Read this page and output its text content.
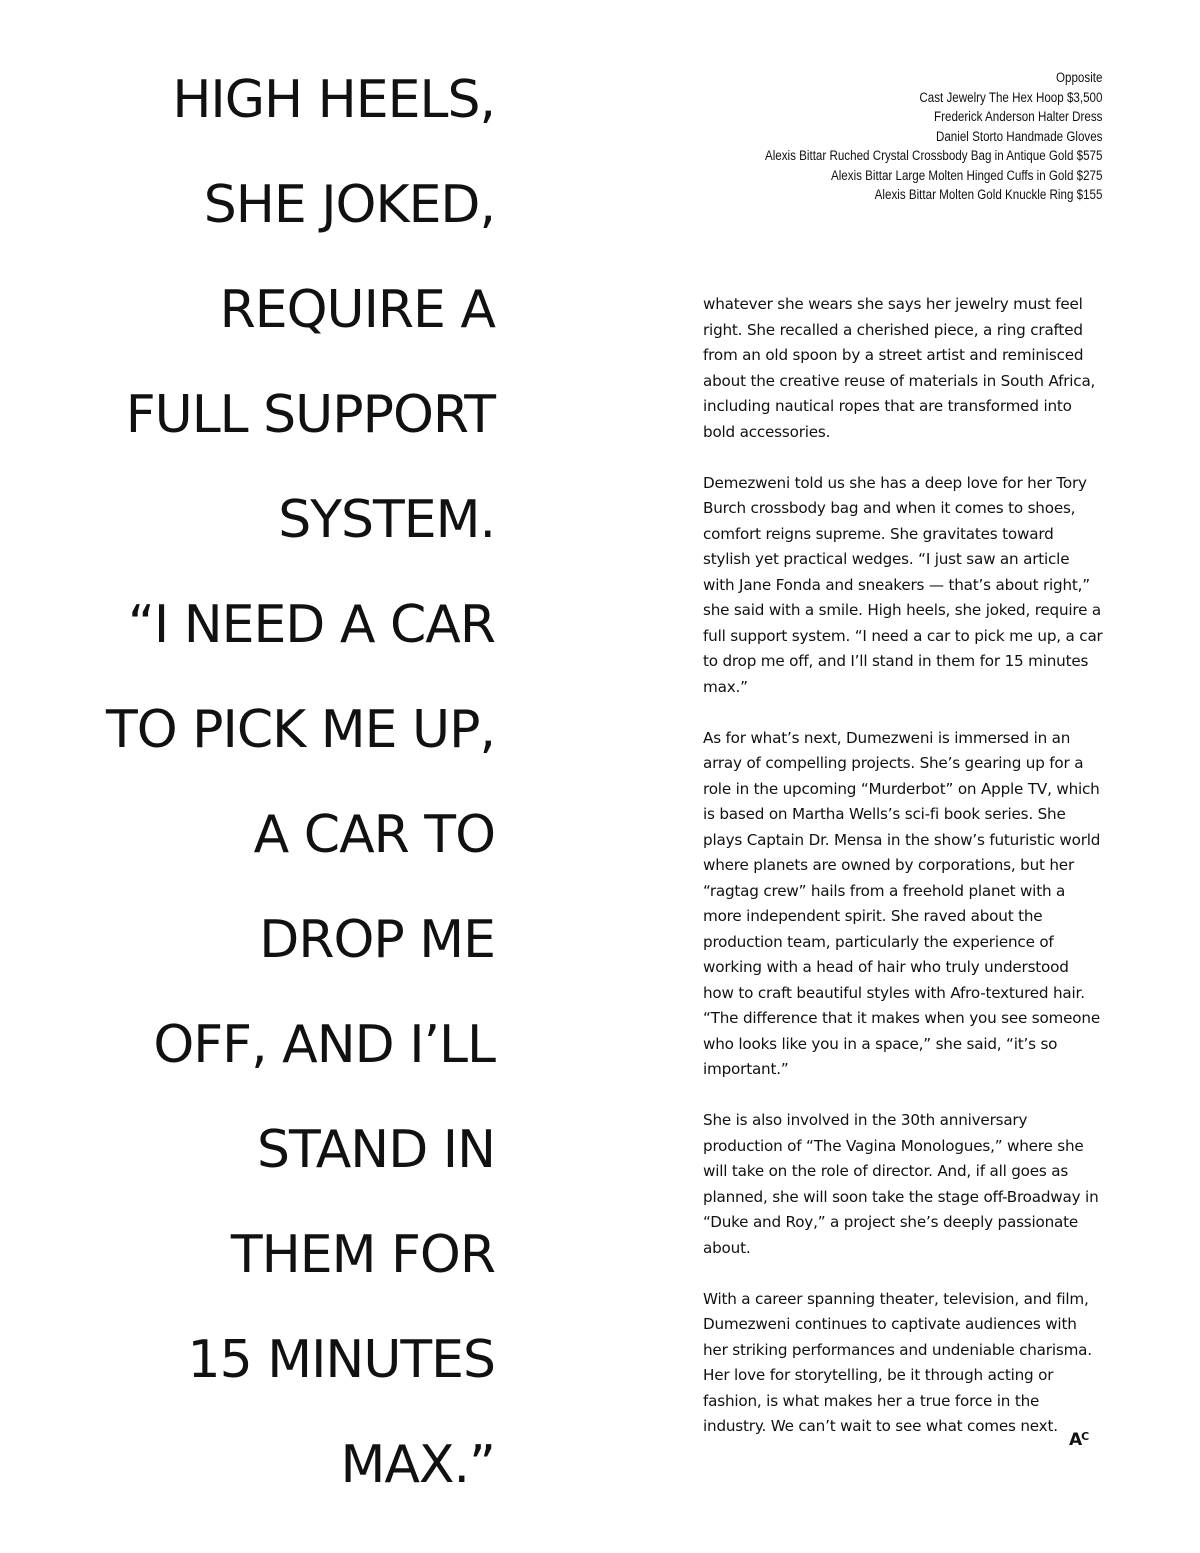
HIGH HEELS,
SHE JOKED,
REQUIRE A
FULL SUPPORT
SYSTEM.
“I NEED A CAR
TO PICK ME UP,
A CAR TO
DROP ME
OFF, AND I’LL
STAND IN
THEM FOR
15 MINUTES
MAX.”
Opposite
Cast Jewelry The Hex Hoop $3,500
Frederick Anderson Halter Dress
Daniel Storto Handmade Gloves
Alexis Bittar Ruched Crystal Crossbody Bag in Antique Gold $575
Alexis Bittar Large Molten Hinged Cuffs in Gold $275
Alexis Bittar Molten Gold Knuckle Ring $155

whatever she wears she says her jewelry must feel right. She recalled a cherished piece, a ring crafted from an old spoon by a street artist and reminisced about the creative reuse of materials in South Africa, including nautical ropes that are transformed into bold accessories.

Demezweni told us she has a deep love for her Tory Burch crossbody bag and when it comes to shoes, comfort reigns supreme. She gravitates toward stylish yet practical wedges. “I just saw an article with Jane Fonda and sneakers — that’s about right,” she said with a smile. High heels, she joked, require a full support system. “I need a car to pick me up, a car to drop me off, and I’ll stand in them for 15 minutes max.”

As for what’s next, Dumezweni is immersed in an array of compelling projects. She’s gearing up for a role in the upcoming “Murderbot” on Apple TV, which is based on Martha Wells’s sci-fi book series. She plays Captain Dr. Mensa in the show’s futuristic world where planets are owned by corporations, but her “ragtag crew” hails from a freehold planet with a more independent spirit. She raved about the production team, particularly the experience of working with a head of hair who truly understood how to craft beautiful styles with Afro-textured hair. “The difference that it makes when you see someone who looks like you in a space,” she said, “it’s so important.”

She is also involved in the 30th anniversary production of “The Vagina Monologues,” where she will take on the role of director. And, if all goes as planned, she will soon take the stage off-Broadway in “Duke and Roy,” a project she’s deeply passionate about.

With a career spanning theater, television, and film, Dumezweni continues to captivate audiences with her striking performances and undeniable charisma. Her love for storytelling, be it through acting or fashion, is what makes her a true force in the industry. We can’t wait to see what comes next.

$A^C$
